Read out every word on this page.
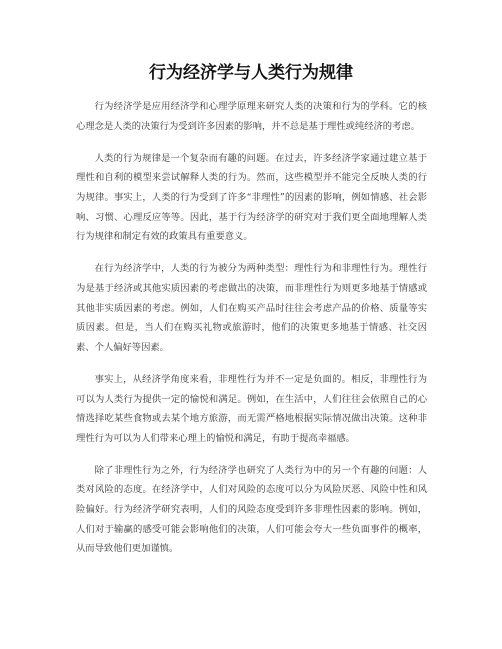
行为经济学与人类行为规律

行为经济学是应用经济学和心理学原理来研究人类的决策和行为的学科。它的核心理念是人类的决策行为受到许多因素的影响，并不总是基于理性或纯经济的考虑。

人类的行为规律是一个复杂而有趣的问题。在过去，许多经济学家通过建立基于理性和自利的模型来尝试解释人类的行为。然而，这些模型并不能完全反映人类的行为规律。事实上，人类的行为受到了许多“非理性”的因素的影响，例如情感、社会影响、习惯、心理反应等等。因此，基于行为经济学的研究对于我们更全面地理解人类行为规律和制定有效的政策具有重要意义。

在行为经济学中，人类的行为被分为两种类型：理性行为和非理性行为。理性行为是基于经济或其他实质因素的考虑做出的决策，而非理性行为则更多地基于情感或其他非实质因素的考虑。例如，人们在购买产品时往往会考虑产品的价格、质量等实质因素。但是，当人们在购买礼物或旅游时，他们的决策更多地基于情感、社交因素、个人偏好等因素。

事实上，从经济学角度来看，非理性行为并不一定是负面的。相反，非理性行为可以为人类行为提供一定的愉悦和满足。例如，在生活中，人们往往会依照自己的心情选择吃某些食物或去某个地方旅游，而无需严格地根据实际情况做出决策。这种非理性行为可以为人们带来心理上的愉悦和满足，有助于提高幸福感。

除了非理性行为之外，行为经济学也研究了人类行为中的另一个有趣的问题：人类对风险的态度。在经济学中，人们对风险的态度可以分为风险厌恶、风险中性和风险偏好。行为经济学研究表明，人们的风险态度受到许多非理性因素的影响。例如，人们对于输赢的感受可能会影响他们的决策，人们可能会夸大一些负面事件的概率，从而导致他们更加谨慎。
